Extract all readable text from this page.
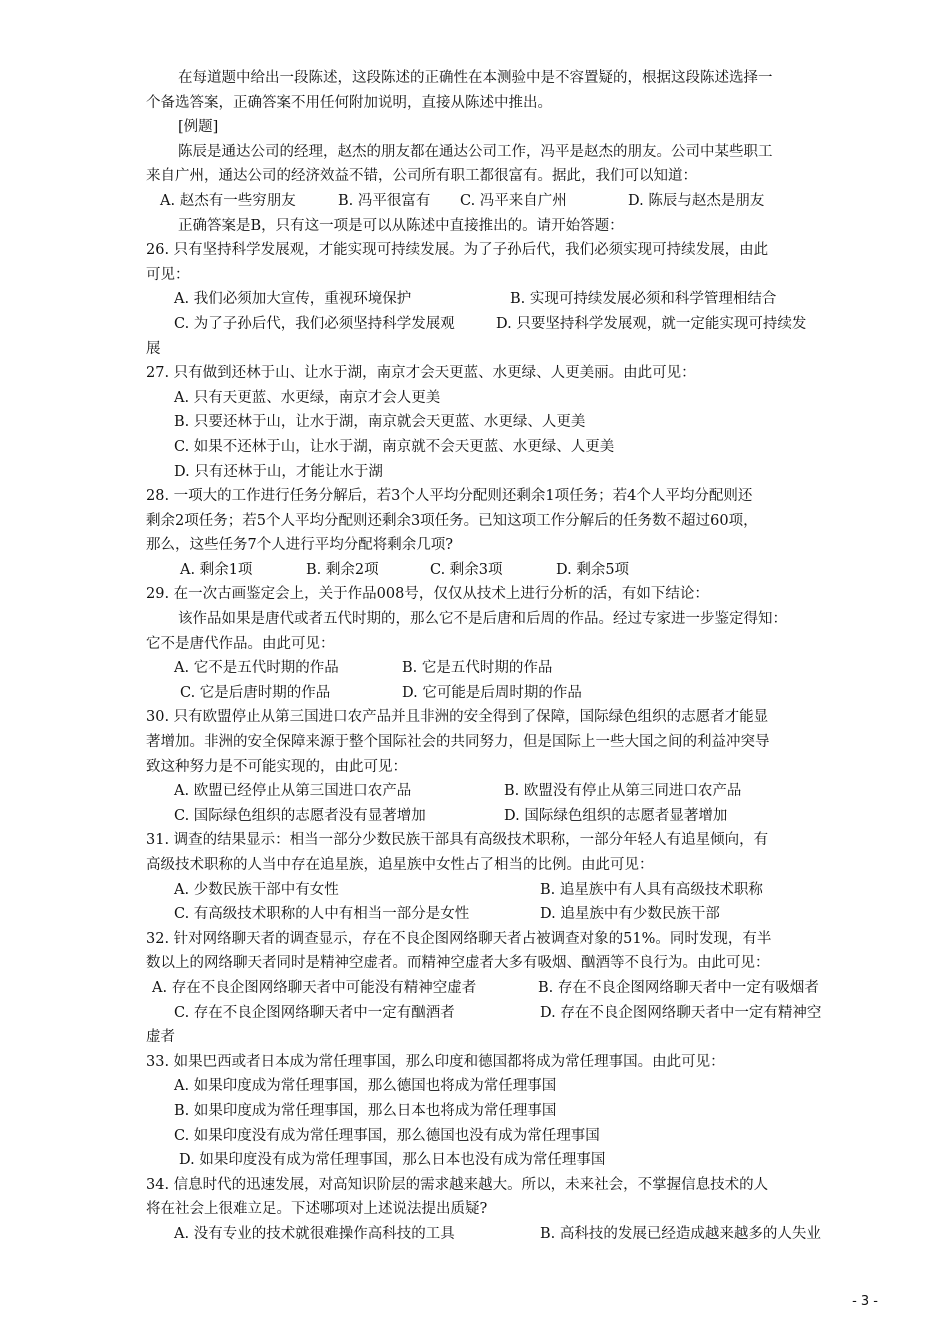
在每道题中给出一段陈述，这段陈述的正确性在本测验中是不容置疑的，根据这段陈述选择一
个备选答案，正确答案不用任何附加说明，直接从陈述中推出。
[例题]
陈辰是通达公司的经理，赵杰的朋友都在通达公司工作，冯平是赵杰的朋友。公司中某些职工
来自广州，通达公司的经济效益不错，公司所有职工都很富有。据此，我们可以知道：
A. 赵杰有一些穷朋友	B. 冯平很富有	C. 冯平来自广州	D. 陈辰与赵杰是朋友
正确答案是B，只有这一项是可以从陈述中直接推出的。请开始答题：
26. 只有坚持科学发展观，才能实现可持续发展。为了子孙后代，我们必须实现可持续发展，由此
可见：
A. 我们必须加大宣传，重视环境保护	B. 实现可持续发展必须和科学管理相结合
C. 为了子孙后代，我们必须坚持科学发展观	D. 只要坚持科学发展观，就一定能实现可持续发
展
27. 只有做到还林于山、让水于湖，南京才会天更蓝、水更绿、人更美丽。由此可见：
A. 只有天更蓝、水更绿，南京才会人更美
B. 只要还林于山，让水于湖，南京就会天更蓝、水更绿、人更美
C. 如果不还林于山，让水于湖，南京就不会天更蓝、水更绿、人更美
D. 只有还林于山，才能让水于湖
28. 一项大的工作进行任务分解后，若3个人平均分配则还剩余1项任务；若4个人平均分配则还
剩余2项任务；若5个人平均分配则还剩余3项任务。已知这项工作分解后的任务数不超过60项，
那么，这些任务7个人进行平均分配将剩余几项?
A. 剩余1项	B. 剩余2项	C. 剩余3项	D. 剩余5项
29. 在一次古画鉴定会上，关于作品008号，仅仅从技术上进行分析的活，有如下结论：
该作品如果是唐代或者五代时期的，那么它不是后唐和后周的作品。经过专家进一步鉴定得知：
它不是唐代作品。由此可见：
A. 它不是五代时期的作品	B. 它是五代时期的作品
C. 它是后唐时期的作品	D. 它可能是后周时期的作品
30. 只有欧盟停止从第三国进口农产品并且非洲的安全得到了保障，国际绿色组织的志愿者才能显
著增加。非洲的安全保障来源于整个国际社会的共同努力，但是国际上一些大国之间的利益冲突导
致这种努力是不可能实现的，由此可见：
A. 欧盟已经停止从第三国进口农产品	B. 欧盟没有停止从第三同进口农产品
C. 国际绿色组织的志愿者没有显著增加	D. 国际绿色组织的志愿者显著增加
31. 调查的结果显示：相当一部分少数民族干部具有高级技术职称，一部分年轻人有追星倾向，有
高级技术职称的人当中存在追星族，追星族中女性占了相当的比例。由此可见：
A. 少数民族干部中有女性	B. 追星族中有人具有高级技术职称
C. 有高级技术职称的人中有相当一部分是女性	D. 追星族中有少数民族干部
32. 针对网络聊天者的调查显示，存在不良企图网络聊天者占被调查对象的51%。同时发现，有半
数以上的网络聊天者同时是精神空虚者。而精神空虚者大多有吸烟、酗酒等不良行为。由此可见：
A. 存在不良企图网络聊天者中可能没有精神空虚者	B. 存在不良企图网络聊天者中一定有吸烟者
C. 存在不良企图网络聊天者中一定有酗酒者	D. 存在不良企图网络聊天者中一定有精神空
虚者
33. 如果巴西或者日本成为常任理事国，那么印度和德国都将成为常任理事国。由此可见：
A. 如果印度成为常任理事国，那么德国也将成为常任理事国
B. 如果印度成为常任理事国，那么日本也将成为常任理事国
C. 如果印度没有成为常任理事国，那么德国也没有成为常任理事国
D. 如果印度没有成为常任理事国，那么日本也没有成为常任理事国
34. 信息时代的迅速发展，对高知识阶层的需求越来越大。所以，未来社会，不掌握信息技术的人
将在社会上很难立足。下述哪项对上述说法提出质疑?
A. 没有专业的技术就很难操作高科技的工具	B. 高科技的发展已经造成越来越多的人失业
- 3 -
